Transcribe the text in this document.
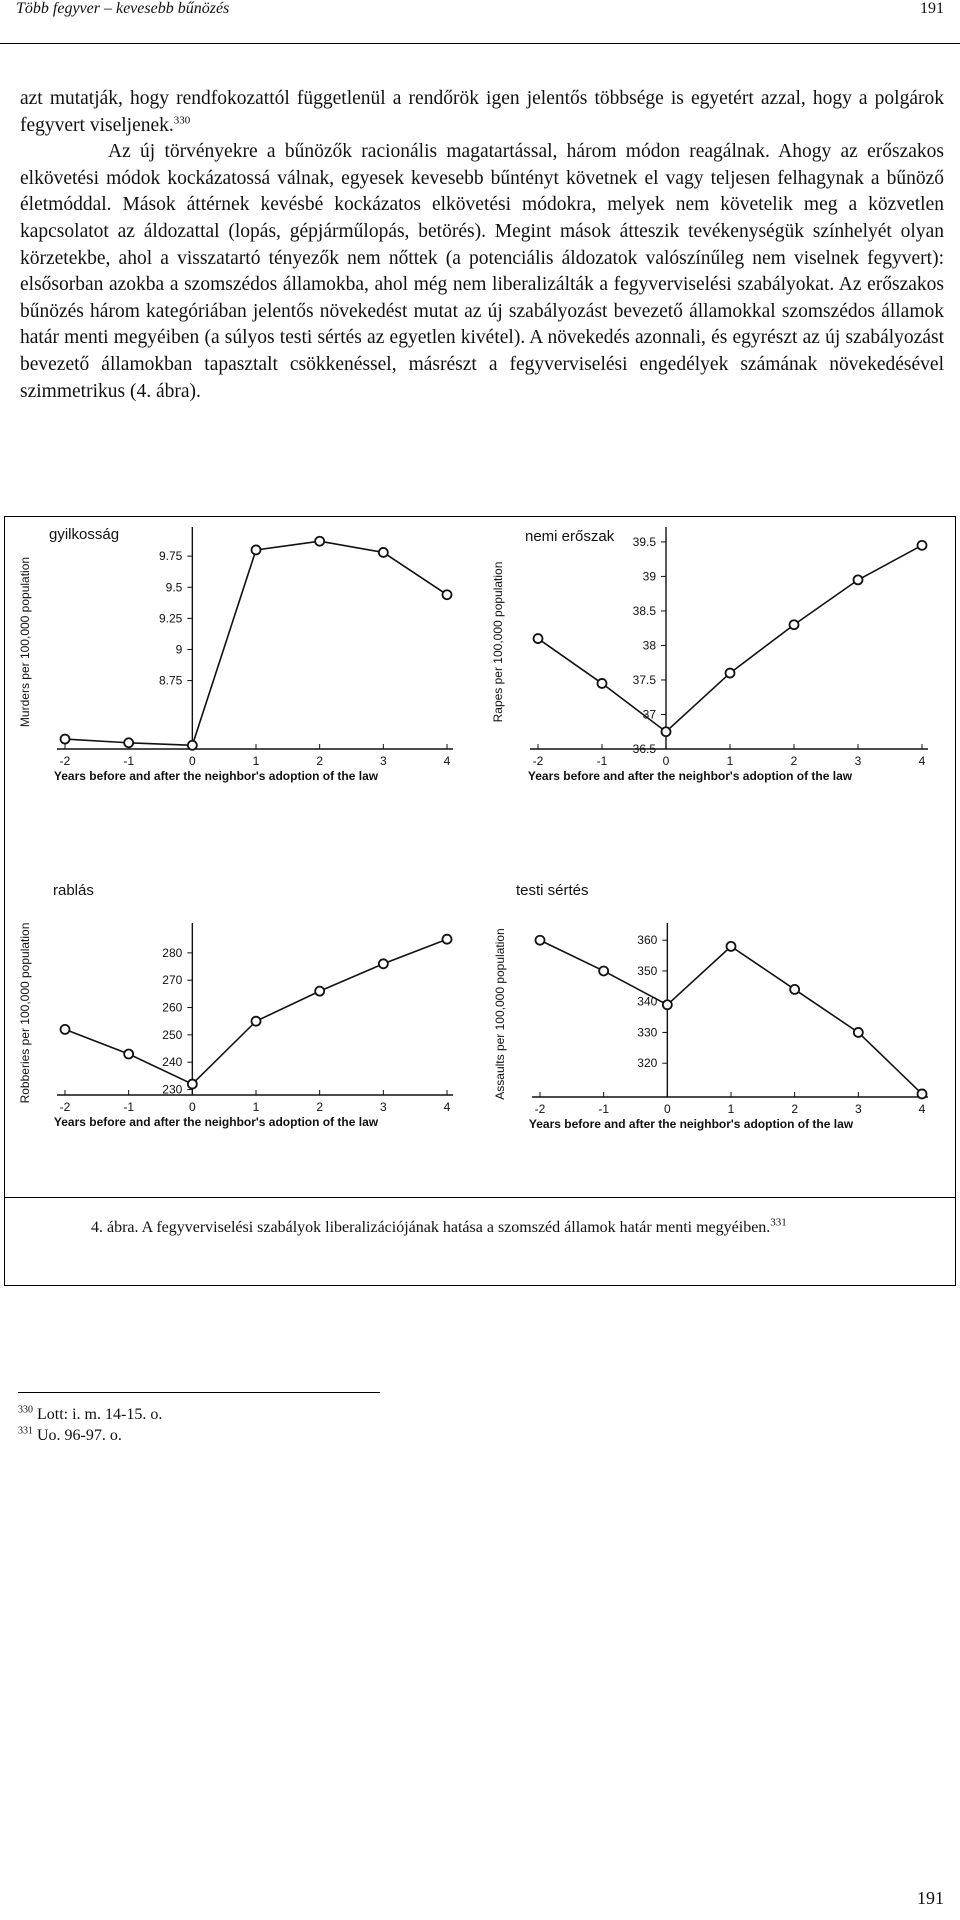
Több fegyver – kevesebb bűnözés	191

azt mutatják, hogy rendfokozattól függetlenül a rendőrök igen jelentős többsége is egyetért azzal, hogy a polgárok fegyvert viseljenek.$^{330}$

Az új törvényekre a bűnözők racionális magatartással, három módon reagálnak. Ahogy az erőszakos elkövetési módok kockázatossá válnak, egyesek kevesebb bűntényt követnek el vagy teljesen felhagynak a bűnöző életmóddal. Mások áttérnek kevésbé kockázatos elkövetési módokra, melyek nem követelik meg a közvetlen kapcsolatot az áldozattal (lopás, gépjárműlopás, betörés). Megint mások átteszik tevékenységük színhelyét olyan körzetekbe, ahol a visszatartó tényezők nem nőttek (a potenciális áldozatok valószínűleg nem viselnek fegyvert): elsősorban azokba a szomszédos államokba, ahol még nem liberalizálták a fegyverviselési szabályokat. Az erőszakos bűnözés három kategóriában jelentős növekedést mutat az új szabályozást bevezető államokkal szomszédos államok határ menti megyéiben (a súlyos testi sértés az egyetlen kivétel). A növekedés azonnali, és egyrészt az új szabályozást bevezető államokban tapasztalt csökkenéssel, másrészt a fegyverviselési engedélyek számának növekedésével szimmetrikus (4. ábra).

gyilkosság
-2	-1	0	1	2	3	4
8.75
9
9.25
9.5
9.75
Years before and after the neighbor's adoption of the law
Murders per 100,000 population
nemi erőszak
-2	-1	0	1	2	3	4
36.5
37
37.5
38
38.5
39
39.5
Years before and after the neighbor's adoption of the law
Rapes per 100,000 population
rablás
-2	-1	0	1	2	3	4
230
240
250
260
270
280
Years before and after the neighbor's adoption of the law
Robberies per 100,000 population
testi sértés
-2	-1	0	1	2	3	4
320
330
340
350
360
Years before and after the neighbor's adoption of the law
Assaults per 100,000 population

4. ábra. A fegyverviselési szabályok liberalizációjának hatása a szomszéd államok határ menti megyéiben.$^{331}$

$^{330}$ Lott: i. m. 14-15. o.
$^{331}$ Uo. 96-97. o.
191
